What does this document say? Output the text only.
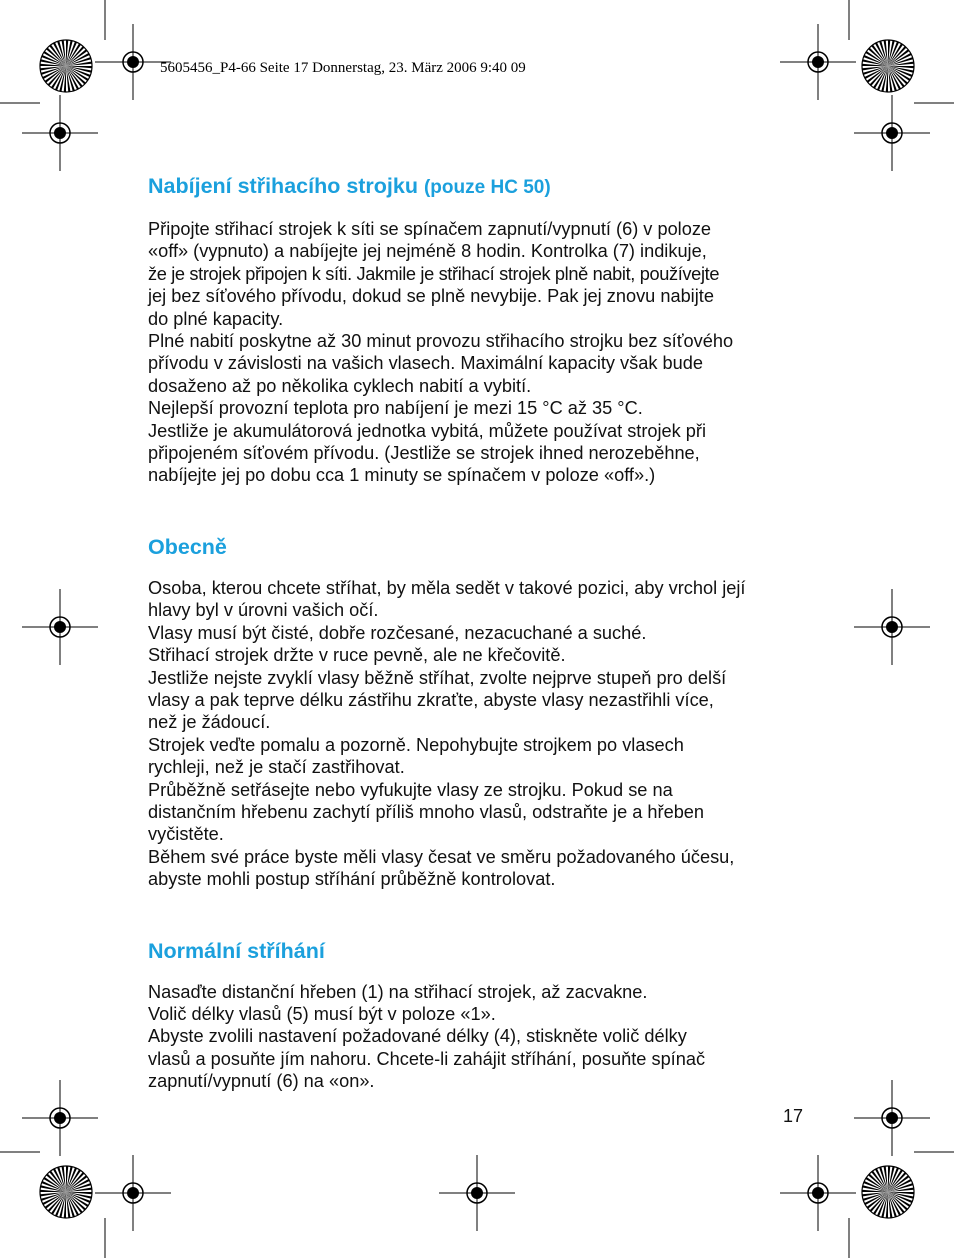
5605456_P4-66 Seite 17 Donnerstag, 23. März 2006 9:40 09
Nabíjení střihacího strojku (pouze HC 50)

Připojte střihací strojek k síti se spínačem zapnutí/vypnutí (6) v poloze

«off» (vypnuto) a nabíjejte jej nejméně 8 hodin. Kontrolka (7) indikuje,

že je strojek připojen k síti. Jakmile je střihací strojek plně nabit, používejte

jej bez síťového přívodu, dokud se plně nevybije. Pak jej znovu nabijte

do plné kapacity.

Plné nabití poskytne až 30 minut provozu střihacího strojku bez síťového

přívodu v závislosti na vašich vlasech. Maximální kapacity však bude

dosaženo až po několika cyklech nabití a vybití.

Nejlepší provozní teplota pro nabíjení je mezi 15 °C až 35 °C.

Jestliže je akumulátorová jednotka vybitá, můžete používat strojek při

připojeném síťovém přívodu. (Jestliže se strojek ihned nerozeběhne,

nabíjejte jej po dobu cca 1 minuty se spínačem v poloze «off».)

Obecně

Osoba, kterou chcete stříhat, by měla sedět v takové pozici, aby vrchol její

hlavy byl v úrovni vašich očí.

Vlasy musí být čisté, dobře rozčesané, nezacuchané a suché.

Střihací strojek držte v ruce pevně, ale ne křečovitě.

Jestliže nejste zvyklí vlasy běžně stříhat, zvolte nejprve stupeň pro delší

vlasy a pak teprve délku zástřihu zkraťte, abyste vlasy nezastřihli více,

než je žádoucí.

Strojek veďte pomalu a pozorně. Nepohybujte strojkem po vlasech

rychleji, než je stačí zastřihovat.

Průběžně setřásejte nebo vyfukujte vlasy ze strojku. Pokud se na

distančním hřebenu zachytí příliš mnoho vlasů, odstraňte je a hřeben

vyčistěte.

Během své práce byste měli vlasy česat ve směru požadovaného účesu,

abyste mohli postup stříhání průběžně kontrolovat.

Normální stříhání

Nasaďte distanční hřeben (1) na střihací strojek, až zacvakne.

Volič délky vlasů (5) musí být v poloze «1».

Abyste zvolili nastavení požadované délky (4), stiskněte volič délky

vlasů a posuňte jím nahoru. Chcete-li zahájit stříhání, posuňte spínač

zapnutí/vypnutí (6) na «on».

17
